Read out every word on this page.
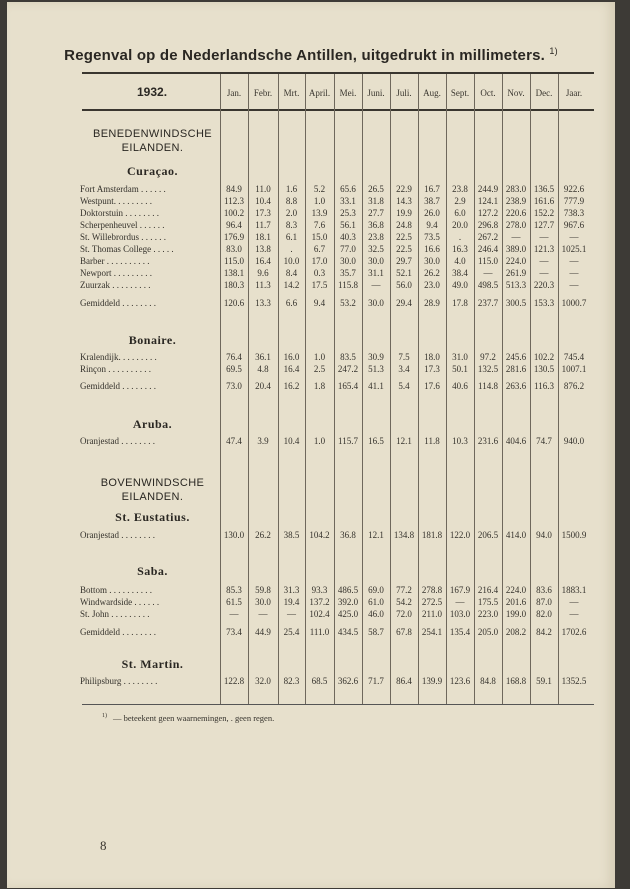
Regenval op de Nederlandsche Antillen, uitgedrukt in millimeters. $^{1)}$
1932.	Jan.	Febr.	Mrt.	April.	Mei.	Juni.	Juli.	Aug.	Sept.	Oct.	Nov.	Dec.	Jaar.
BENEDENWINDSCHE
EILANDEN.
Curaçao.
Bonaire.
Aruba.
BOVENWINDSCHE
EILANDEN.
St. Eustatius.
Saba.
St. Martin.
Fort Amsterdam . . . . . .	84.9	11.0	1.6	5.2	65.6	26.5	22.9	16.7	23.8	244.9 283.0 136.5	922.6
Westpunt. . . . . . . . .	112.3	10.4	8.8	1.0	33.1	31.8	14.3	38.7	2.9	124.1 238.9 161.6	777.9
Doktorstuin . . . . . . . .	100.2	17.3	2.0	13.9	25.3	27.7	19.9	26.0	6.0	127.2 220.6 152.2	738.3
Scherpenheuvel . . . . . .	96.4	11.7	8.3	7.6	56.1	36.8	24.8	9.4	20.0	296.8 278.0 127.7	967.6
St. Willebrordus . . . . . .	176.9	18.1	6.1	15.0	40.3	23.8	22.5	73.5	.	267.2	—	—	—
St. Thomas College . . . . .	83.0	13.8	.	6.7	77.0	32.5	22.5	16.6	16.3	246.4 389.0 121.3 1025.1
Barber . . . . . . . . . .	115.0	16.4	10.0	17.0	30.0	30.0	29.7	30.0	4.0	115.0 224.0	—	—
Newport . . . . . . . . .	138.1	9.6	8.4	0.3	35.7	31.1	52.1	26.2	38.4	—	261.9	—	—
Zuurzak . . . . . . . . .	180.3	11.3	14.2	17.5	115.8	—	56.0	23.0	49.0	498.5 513.3 220.3	—
Gemiddeld . . . . . . . .	120.6	13.3	6.6	9.4	53.2	30.0	29.4	28.9	17.8	237.7 300.5 153.3 1000.7
Kralendijk. . . . . . . . .	76.4	36.1	16.0	1.0	83.5	30.9	7.5	18.0	31.0	97.2	245.6 102.2	745.4
Rinçon . . . . . . . . . .	69.5	4.8	16.4	2.5	247.2	51.3	3.4	17.3	50.1	132.5 281.6 130.5 1007.1
Gemiddeld . . . . . . . .	73.0	20.4	16.2	1.8	165.4	41.1	5.4	17.6	40.6	114.8 263.6 116.3	876.2
Oranjestad . . . . . . . .	47.4	3.9	10.4	1.0	115.7	16.5	12.1	11.8	10.3	231.6 404.6	74.7	940.0
Oranjestad . . . . . . . .	130.0	26.2	38.5	104.2	36.8	12.1	134.8 181.8 122.0 206.5 414.0	94.0	1500.9
Bottom . . . . . . . . . .	85.3	59.8	31.3	93.3	486.5	69.0	77.2	278.8 167.9 216.4 224.0	83.6	1883.1
Windwardside . . . . . .	61.5	30.0	19.4	137.2 392.0	61.0	54.2	272.5	—	175.5 201.6	87.0	—
St. John . . . . . . . . .	—	—	—	102.4 425.0	46.0	72.0	211.0 103.0 223.0 199.0	82.0	—
Gemiddeld . . . . . . . .	73.4	44.9	25.4	111.0 434.5	58.7	67.8	254.1 135.4 205.0 208.2	84.2	1702.6
Philipsburg . . . . . . . .	122.8	32.0	82.3	68.5	362.6	71.7	86.4	139.9 123.6	84.8	168.8	59.1	1352.5
$^{1)}$ — beteekent geen waarnemingen, . geen regen.
8
